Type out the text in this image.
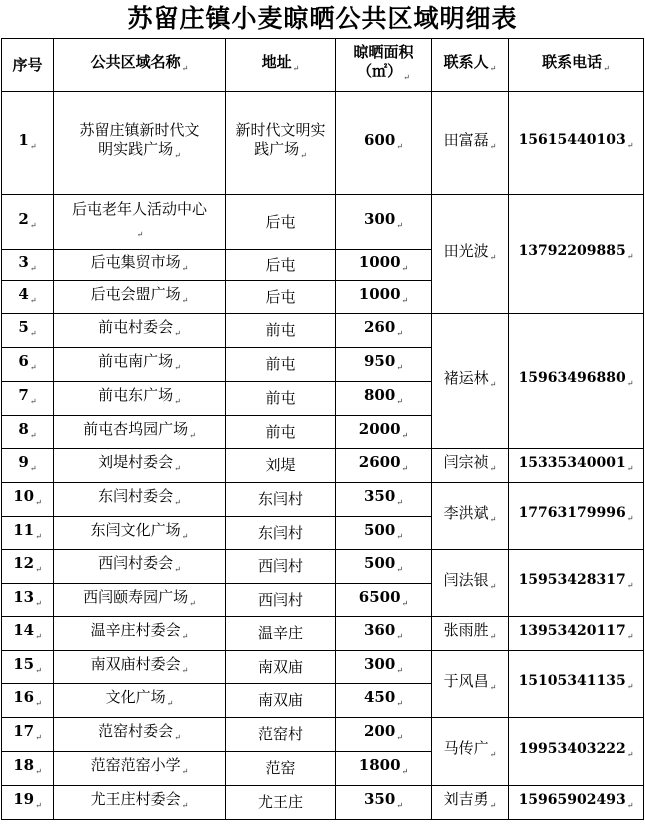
苏留庄镇小麦晾晒公共区域明细表
序号	公共区域名称↵	地址↵	晾晒面积
（㎡）↵	联系人↵	联系电话↵
1↵	苏留庄镇新时代文明实践广场↵	新时代文明实践广场↵	600↵	田富磊↵	15615440103↵
2↵	后屯老年人活动中心↵	后屯	300↵	田光波↵	13792209885↵
3↵	后屯集贸市场↵	后屯	1000↵
4↵	后屯会盟广场↵	后屯	1000↵
5↵	前屯村委会↵	前屯	260↵	褚运林↵	15963496880↵
6↵	前屯南广场↵	前屯	950↵
7↵	前屯东广场↵	前屯	800↵
8↵	前屯杏坞园广场↵	前屯	2000↵
9↵	刘堤村委会↵	刘堤	2600↵	闫宗祯↵	15335340001↵
10↵	东闫村委会↵	东闫村	350↵	李洪斌↵	17763179996↵
11↵	东闫文化广场↵	东闫村	500↵
12↵	西闫村委会↵	西闫村	500↵	闫法银↵	15953428317↵
13↵	西闫颐寿园广场↵	西闫村	6500↵
14↵	温辛庄村委会↵	温辛庄	360↵	张雨胜↵	13953420117↵
15↵	南双庙村委会↵	南双庙	300↵	于风昌↵	15105341135↵
16↵	文化广场↵	南双庙	450↵
17↵	范窑村委会↵	范窑村	200↵	马传广↵	19953403222↵
18↵	范窑范窑小学↵	范窑	1800↵
19↵	尤王庄村委会↵	尤王庄	350↵	刘吉勇↵	15965902493↵
